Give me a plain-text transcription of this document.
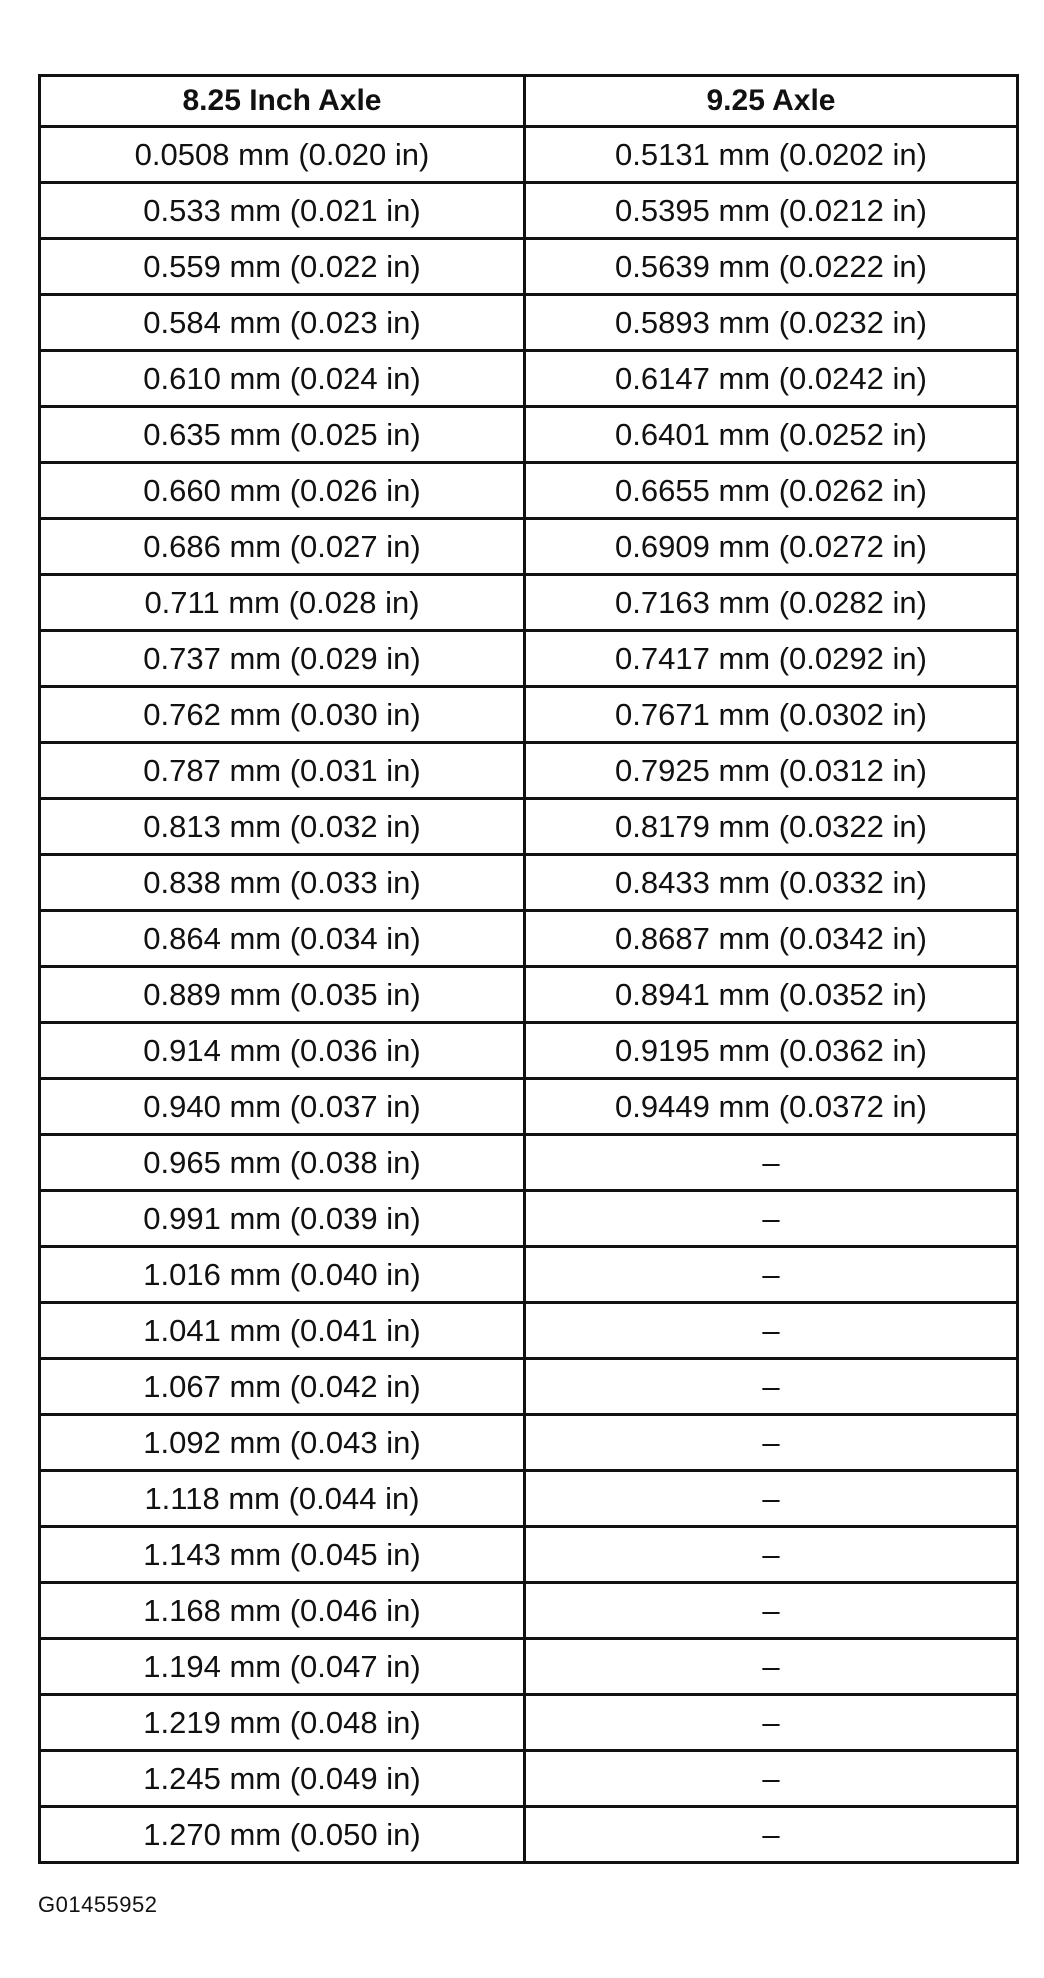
8.25 Inch Axle	9.25 Axle
0.0508 mm (0.020 in)	0.5131 mm (0.0202 in)
0.533 mm (0.021 in)	0.5395 mm (0.0212 in)
0.559 mm (0.022 in)	0.5639 mm (0.0222 in)
0.584 mm (0.023 in)	0.5893 mm (0.0232 in)
0.610 mm (0.024 in)	0.6147 mm (0.0242 in)
0.635 mm (0.025 in)	0.6401 mm (0.0252 in)
0.660 mm (0.026 in)	0.6655 mm (0.0262 in)
0.686 mm (0.027 in)	0.6909 mm (0.0272 in)
0.711 mm (0.028 in)	0.7163 mm (0.0282 in)
0.737 mm (0.029 in)	0.7417 mm (0.0292 in)
0.762 mm (0.030 in)	0.7671 mm (0.0302 in)
0.787 mm (0.031 in)	0.7925 mm (0.0312 in)
0.813 mm (0.032 in)	0.8179 mm (0.0322 in)
0.838 mm (0.033 in)	0.8433 mm (0.0332 in)
0.864 mm (0.034 in)	0.8687 mm (0.0342 in)
0.889 mm (0.035 in)	0.8941 mm (0.0352 in)
0.914 mm (0.036 in)	0.9195 mm (0.0362 in)
0.940 mm (0.037 in)	0.9449 mm (0.0372 in)
0.965 mm (0.038 in)	–
0.991 mm (0.039 in)	–
1.016 mm (0.040 in)	–
1.041 mm (0.041 in)	–
1.067 mm (0.042 in)	–
1.092 mm (0.043 in)	–
1.118 mm (0.044 in)	–
1.143 mm (0.045 in)	–
1.168 mm (0.046 in)	–
1.194 mm (0.047 in)	–
1.219 mm (0.048 in)	–
1.245 mm (0.049 in)	–
1.270 mm (0.050 in)	–
G01455952
